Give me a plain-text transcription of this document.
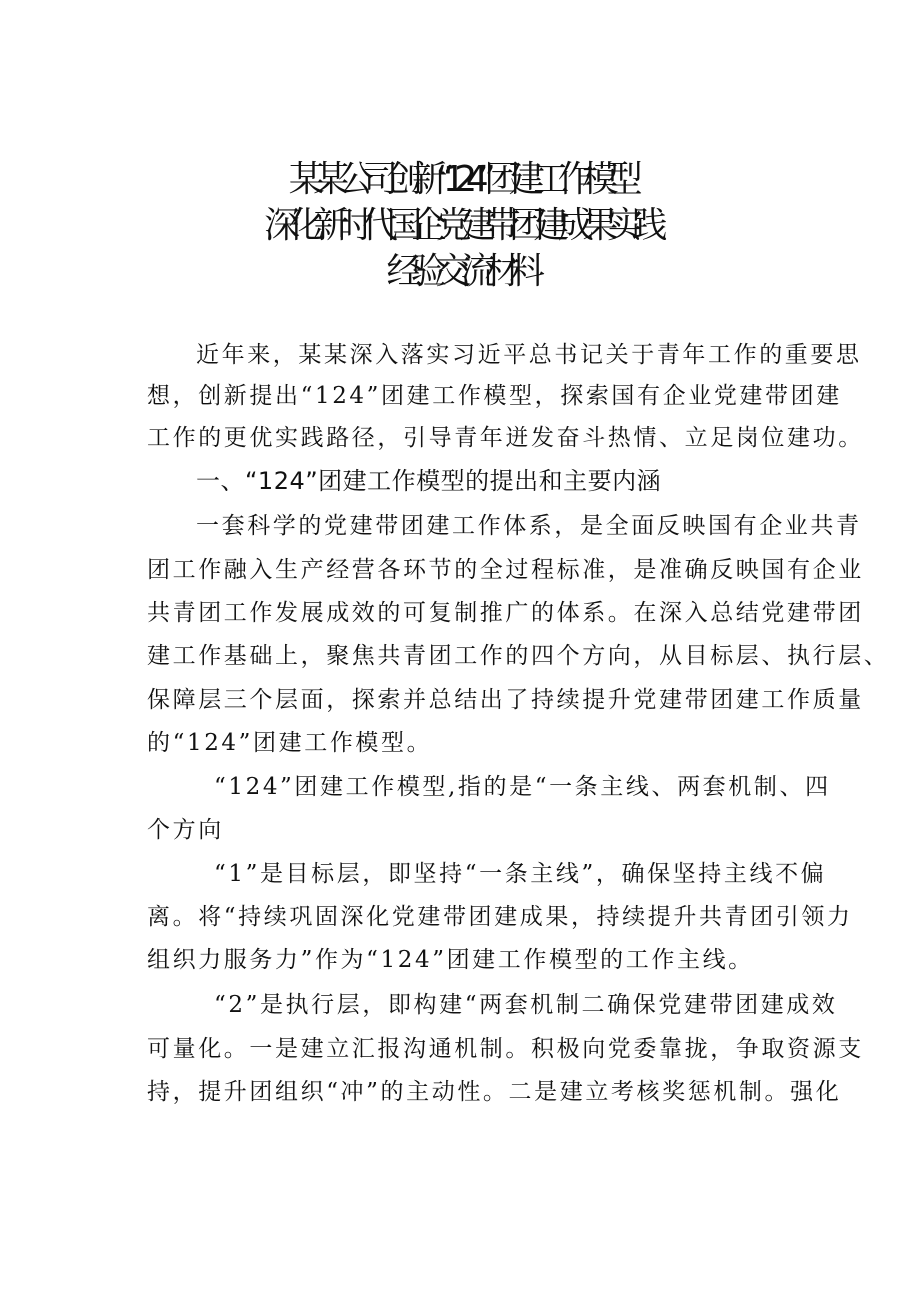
某某公司创新“124”团建工作模型
深化新时代国企党建带团建成果实践
经验交流材料
近年来，某某深入落实习近平总书记关于青年工作的重要思
想，创新提出“124”团建工作模型，探索国有企业党建带团建
工作的更优实践路径，引导青年迸发奋斗热情、立足岗位建功。
一、“124”团建工作模型的提出和主要内涵
一套科学的党建带团建工作体系，是全面反映国有企业共青
团工作融入生产经营各环节的全过程标准，是准确反映国有企业
共青团工作发展成效的可复制推广的体系。在深入总结党建带团
建工作基础上，聚焦共青团工作的四个方向，从目标层、执行层、
保障层三个层面，探索并总结出了持续提升党建带团建工作质量
的“124”团建工作模型。
“124”团建工作模型,指的是“一条主线、两套机制、四
个方向
“1”是目标层，即坚持“一条主线”，确保坚持主线不偏
离。将“持续巩固深化党建带团建成果，持续提升共青团引领力
组织力服务力”作为“124”团建工作模型的工作主线。
“2”是执行层，即构建“两套机制二确保党建带团建成效
可量化。一是建立汇报沟通机制。积极向党委靠拢，争取资源支
持，提升团组织“冲”的主动性。二是建立考核奖惩机制。强化
